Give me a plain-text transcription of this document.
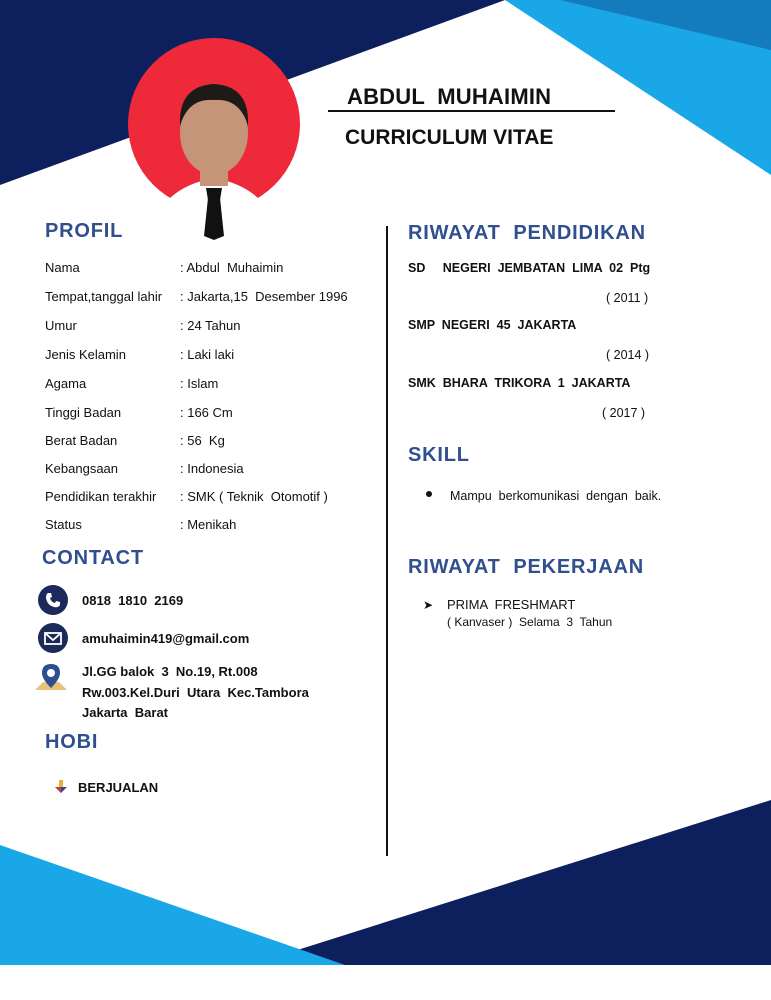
ABDUL  MUHAIMIN
CURRICULUM VITAE
PROFIL
Nama	: Abdul  Muhaimin
Tempat,tanggal lahir : Jakarta,15  Desember 1996
Umur	: 24 Tahun
Jenis Kelamin	: Laki laki
Agama	: Islam
Tinggi Badan	: 166 Cm
Berat Badan	: 56  Kg
Kebangsaan	: Indonesia
Pendidikan terakhir : SMK ( Teknik  Otomotif )
Status	: Menikah
CONTACT
0818  1810  2169
amuhaimin419@gmail.com
Jl.GG balok  3  No.19, Rt.008
Rw.003.Kel.Duri  Utara  Kec.Tambora
Jakarta  Barat
HOBI
BERJUALAN
RIWAYAT  PENDIDIKAN
SD     NEGERI  JEMBATAN  LIMA  02  Ptg
( 2011 )
SMP  NEGERI  45  JAKARTA
( 2014 )
SMK  BHARA  TRIKORA  1  JAKARTA
( 2017 )
SKILL
Mampu  berkomunikasi  dengan  baik.
RIWAYAT  PEKERJAAN
➤ PRIMA  FRESHMART
( Kanvaser )  Selama  3  Tahun
